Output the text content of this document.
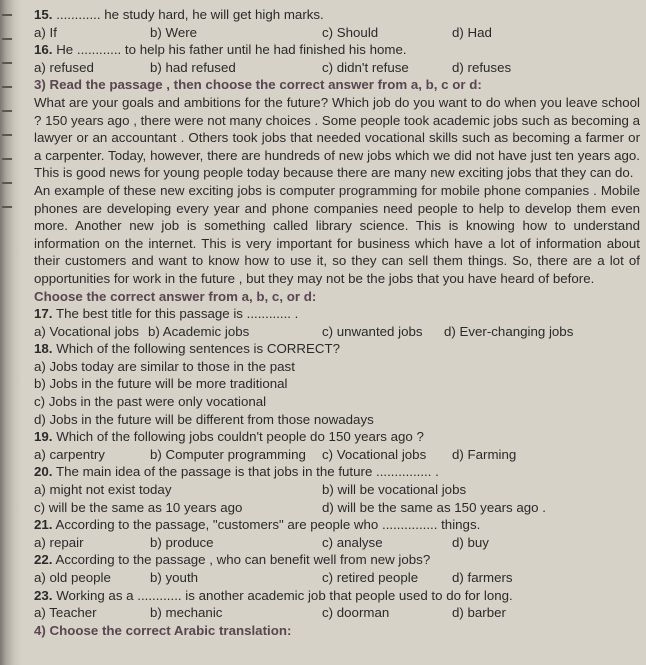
15. ............ he study hard, he will get high marks.
a) If	b) Were	c) Should	d) Had
16. He ............ to help his father until he had finished his home.
a) refused	b) had refused	c) didn't refuse	d) refuses
3) Read the passage , then choose the correct answer from a, b, c or d:

What are your goals and ambitions for the future? Which job do you want to do when you leave school ? 150 years ago , there were not many choices . Some people took academic jobs such as becoming a lawyer or an accountant . Others took jobs that needed vocational skills such as becoming a farmer or a carpenter. Today, however, there are hundreds of new jobs which we did not have just ten years ago. This is good news for young people today because there are many new exciting jobs that they can do.

An example of these new exciting jobs is computer programming for mobile phone companies . Mobile phones are developing every year and phone companies need people to help to develop them even more. Another new job is something called library science. This is knowing how to understand information on the internet. This is very important for business which have a lot of information about their customers and want to know how to use it, so they can sell them things. So, there are a lot of opportunities for work in the future , but they may not be the jobs that you have heard of before.

Choose the correct answer from a, b, c, or d:
17. The best title for this passage is ............ .
a) Vocational jobs b) Academic jobs	c) unwanted jobs	d) Ever-changing jobs
18. Which of the following sentences is CORRECT?
a) Jobs today are similar to those in the past
b) Jobs in the future will be more traditional
c) Jobs in the past were only vocational
d) Jobs in the future will be different from those nowadays
19. Which of the following jobs couldn't people do 150 years ago ?
a) carpentry	b) Computer programming	c) Vocational jobs	d) Farming
20. The main idea of the passage is that jobs in the future ............... .
a) might not exist today	b) will be vocational jobs
c) will be the same as 10 years ago	d) will be the same as 150 years ago .
21. According to the passage, "customers" are people who ............... things.
a) repair	b) produce	c) analyse	d) buy
22. According to the passage , who can benefit well from new jobs?
a) old people	b) youth	c) retired people	d) farmers
23. Working as a ............ is another academic job that people used to do for long.
a) Teacher	b) mechanic	c) doorman	d) barber
4) Choose the correct Arabic translation:
